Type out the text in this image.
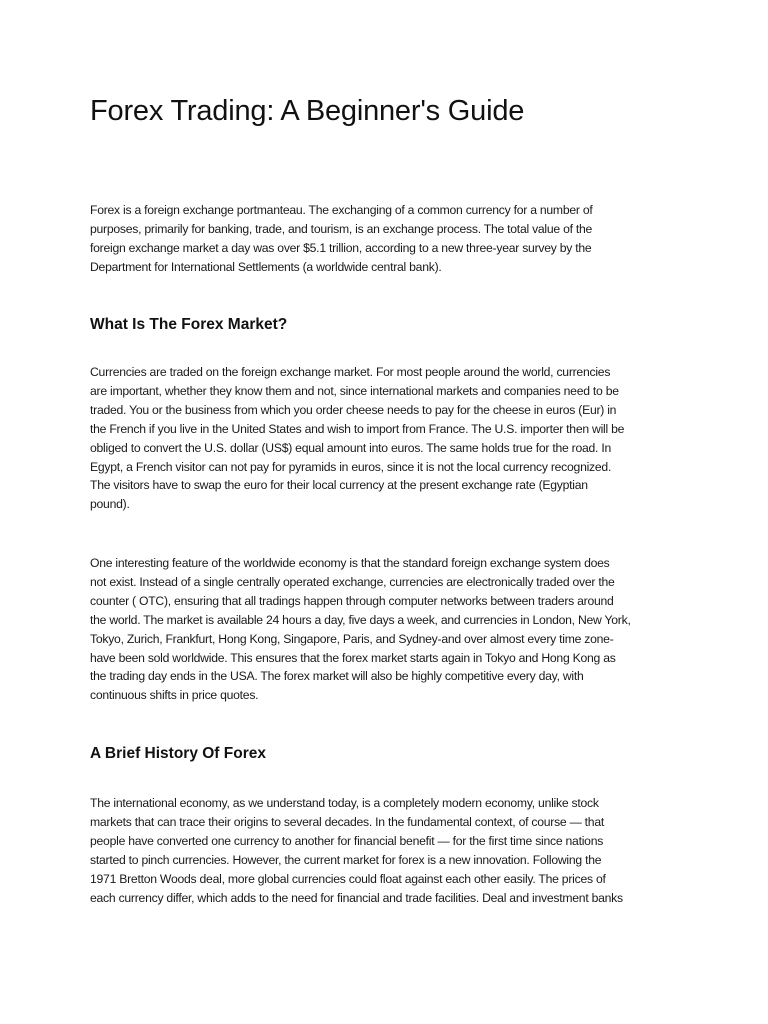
Forex Trading: A Beginner's Guide

Forex is a foreign exchange portmanteau. The exchanging of a common currency for a number of
purposes, primarily for banking, trade, and tourism, is an exchange process. The total value of the
foreign exchange market a day was over $5.1 trillion, according to a new three-year survey by the
Department for International Settlements (a worldwide central bank).

What Is The Forex Market?

Currencies are traded on the foreign exchange market. For most people around the world, currencies
are important, whether they know them and not, since international markets and companies need to be
traded. You or the business from which you order cheese needs to pay for the cheese in euros (Eur) in
the French if you live in the United States and wish to import from France. The U.S. importer then will be
obliged to convert the U.S. dollar (US$) equal amount into euros. The same holds true for the road. In
Egypt, a French visitor can not pay for pyramids in euros, since it is not the local currency recognized.
The visitors have to swap the euro for their local currency at the present exchange rate (Egyptian
pound).

One interesting feature of the worldwide economy is that the standard foreign exchange system does
not exist. Instead of a single centrally operated exchange, currencies are electronically traded over the
counter ( OTC), ensuring that all tradings happen through computer networks between traders around
the world. The market is available 24 hours a day, five days a week, and currencies in London, New York,
Tokyo, Zurich, Frankfurt, Hong Kong, Singapore, Paris, and Sydney-and over almost every time zone-
have been sold worldwide. This ensures that the forex market starts again in Tokyo and Hong Kong as
the trading day ends in the USA. The forex market will also be highly competitive every day, with
continuous shifts in price quotes.

A Brief History Of Forex

The international economy, as we understand today, is a completely modern economy, unlike stock
markets that can trace their origins to several decades. In the fundamental context, of course — that
people have converted one currency to another for financial benefit — for the first time since nations
started to pinch currencies. However, the current market for forex is a new innovation. Following the
1971 Bretton Woods deal, more global currencies could float against each other easily. The prices of
each currency differ, which adds to the need for financial and trade facilities. Deal and investment banks
